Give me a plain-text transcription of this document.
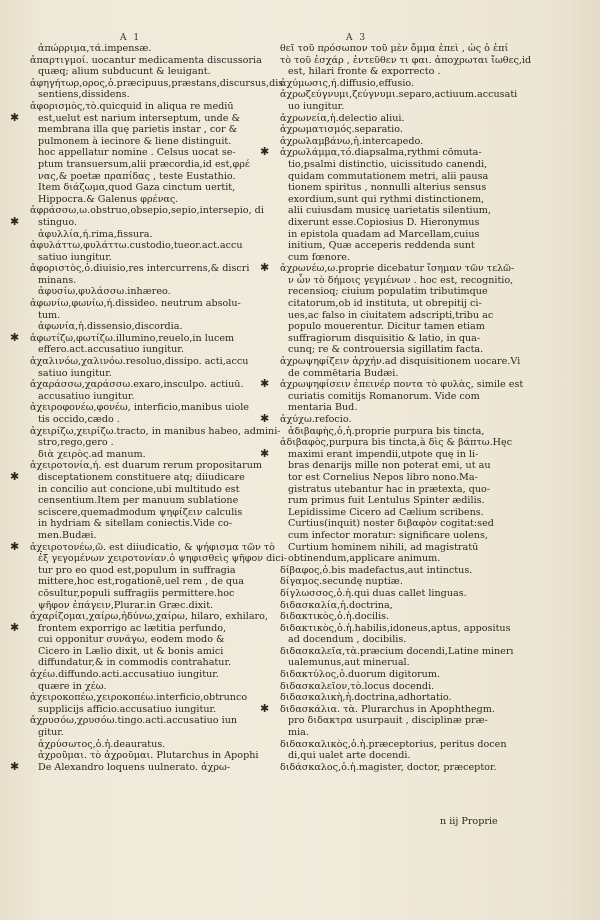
A 1	A 3
ἀπώρριμα,τά.impensæ.
ἀπαρτιγμοί. uocantur medicamenta discussoria
quæq; alium subducunt & leuigant.
ἀφηγήτωρ,ορος,ὁ.præcipuus,præstans,discursus,dis
sentiens,dissidens.
ἀφορισμὸς,τὸ.quicquid in aliqua re mediū
✱ est,uelut est narium interseptum, unde &
membrana illa quę parietis instar , cor &
pulmonem à iecinore & liene distinguit.
hoc appellatur nomine . Celsus uocat se-
ptum transuersum,alii præcordia,id est,φρέ
νας,& poetæ πραπίδας , teste Eustathio.
Item διάζωμα,quod Gaza cinctum uertit,
Hippocra.& Galenus φρένας.
ἀφράσσω,ω.obstruo,obsepio,sepio,intersepio, di
✱ stinguo.
ἀφυλλία,ή.rima,fissura.
ἀφυλάττω,φυλάττω.custodio,tueor.act.accu
satiuo iungitur.
ἀφοριστὸς,ὁ.diuisio,res intercurrens,& discri
minans.
ἀφυσίω,φυλάσσω.inhæreo.
ἀφωνίω,φωνίω,ή.dissideo. neutrum absolu-
tum.
ἀφωνία,ἡ.dissensio,discordia.
✱ ἀφωτίζω,φωτίζω.illumino,reuelo,in lucem
effero.act.accusatiuo iungitur.
ἀχαλινόω,χαλινόω.resoluo,dissipo. acti,accu
satiuo iungitur.
ἀχαράσσω,χαράσσω.exaro,insculpo. actiuū.
accusatiuo iungitur.
ἀχειροφονέω,φονέω, interficio,manibus uiole
tis occido,cædo .
ἀχειρίζω,χειρίζω.tracto, in manibus habeo, admini-
stro,rego,gero .
διὰ χειρὸς.ad manum.
ἀχειροτονία,ή. est duarum rerum propositarum
✱ disceptationem constituere atq; diiudicare
in concilio aut concione,ubi multitudo est
censentium.Item per manuum sublatione
sciscere,quemadmodum ψηφίζειν calculis
in hydriam & sitellam coniectis.Vide co-
men.Budæi.
✱ ἀχειροτονέω,ῶ. est diiudicatio, & ψήφισμα τῶν τὸ
ἐξ γεγομένων χειροτονίαν.ὁ ψηφισθεὶς ψῆφον dici-
tur pro eo quod est,populum in suffragia
mittere,hoc est,rogationē,uel rem , de qua
cōsultur,populi suffragiis permittere.hoc
ψῆφον ἐπάγειν,Plurar.in Græc.dixit.
ἀχαρίζομαι,χαίρω,ἠδύνω,χαίρω, hilaro, exhilaro,
✱ frontem exporrigo ac lætitia perfundo,
cui opponitur συνάγω, eodem modo &
Cicero in Lælio dixit, ut & bonis amici
diffundatur,& in commodis contrahatur.
ἀχέω.diffundo.acti.accusatiuo iungitur.
quære in χέω.
ἀχειροκοπέω,χειροκοπέω.interficio,obtrunco
supplicijs afficio.accusatiuo iungitur.
ἀχρυσόω,χρυσόω.tingo.acti.accusatiuo iun
gitur.
ἀχρύσωτος,ὁ.ἡ.deauratus.
ἀχροῦμαι. τὸ ἀχροῦμαι. Plutarchus in Apophi
✱ De Alexandro loquens uulnerato. ἀχρω-
θεῖ τοῦ πρόσωπον τοῦ μὲν ὄμμα ἐπεὶ , ὡς ὁ ἐπί
τὸ τοῦ ἐσχάρ , ἐντεῦθεν τι φαι. ἀποχρωται ἴωθες,id
est, hilari fronte & exporrecto .
ἀχύμωσις,ή.diffusio,effusio.
ἀχρωζεύγνυμι,ζεύγνυμι.separo,actiuum.accusati
uo iungitur.
ἀχρωνεία,ἡ.delectio aliui.
ἀχρωματισμός.separatio.
ἀχρωλαμβάνω,ἡ.intercapedo.
✱ ἀχρωλάμμα,τό.diapsalma,rythmi cōmuta-
tio,psalmi distinctio, uicissitudo canendi,
quidam commutationem metri, alii pausa
tionem spiritus , nonnulli alterius sensus
exordium,sunt qui rythmi distinctionem,
alii cuiusdam musicę uarietatis silentium,
dixerunt esse.Copiosius D. Hieronymus
in epistola quadam ad Marcellam,cuius
initium, Quæ acceperis reddenda sunt
cum fœnore.
✱ ἀχρωνέω,ω.proprie dicebatur ἴσημαν τῶν τελῶ-
ν ὧν τὸ δήμοις γεγμένων . hoc est, recognitio,
recensioq; ciuium populatim tributimque
citatorum,ob id instituta, ut obrepitij ci-
ues,ac falso in ciuitatem adscripti,tribu ac
populo mouerentur. Dicitur tamen etiam
suffragiorum disquisitio & latio, in qua-
cunq; re & controuersia sigillatim facta.
ἀχρωψηφίζειν ἀρχήν.ad disquisitionem uocare.Vi
de commētaria Budæi.
✱ ἀχρωψηφίσειν ἐπεινέρ ποντα τὸ φυλὰς, simile est
curiatis comitijs Romanorum. Vide com
mentaria Bud.
✱ ἀχύχω.refocio.
ἀδιβαφὴς,ὁ,ἡ.proprie purpura bis tincta,
ἀδιβαφὸς,purpura bis tincta,à δὶς & βάπτω.Hęc
✱ maximi erant impendii,utpote quę in li-
bras denarijs mille non poterat emi, ut au
tor est Cornelius Nepos libro nono.Ma-
gistratus utebantur hac in prætexta, quo-
rum primus fuit Lentulus Spinter ædilis.
Lepidissime Cicero ad Cælium scribens.
Curtius(inquit) noster διβαφὸν cogitat:sed
cum infector moratur: significare uolens,
Curtium hominem nihili, ad magistratū
obtinendum,applicare animum.
δίβαφος,ὁ.bis madefactus,aut intinctus.
δίγαμος.secundę nuptiæ.
δίγλωσσος,ὁ.ἡ.qui duas callet linguas.
διδασκαλία,ἡ.doctrina,
διδακτικὸς,ὁ.ἡ.docilis.
διδακτικὸς,ὁ.ἡ.habilis,idoneus,aptus, appositus
ad docendum , docibilis.
διδασκαλεῖα,τὰ.præcium docendi,Latine minerı
ualemunus,aut minerual.
διδακτύλος,ὁ.duorum digitorum.
διδασκαλεῖον,τὸ.locus docendi.
διδασκαλικὴ,ἡ.doctrina,adhortatio.
✱ διδασκάλια. τὰ. Plurarchus in Apophthegm.
pro διδακτρα usurpauit , disciplinæ præ-
mia.
διδασκαλικὸς,ὁ.ἡ.præceptorius, peritus docen
di,qui ualet arte docendi.
διδάσκαλος,ὁ.ἡ.magister, doctor, præceptor.
n iij Proprie
